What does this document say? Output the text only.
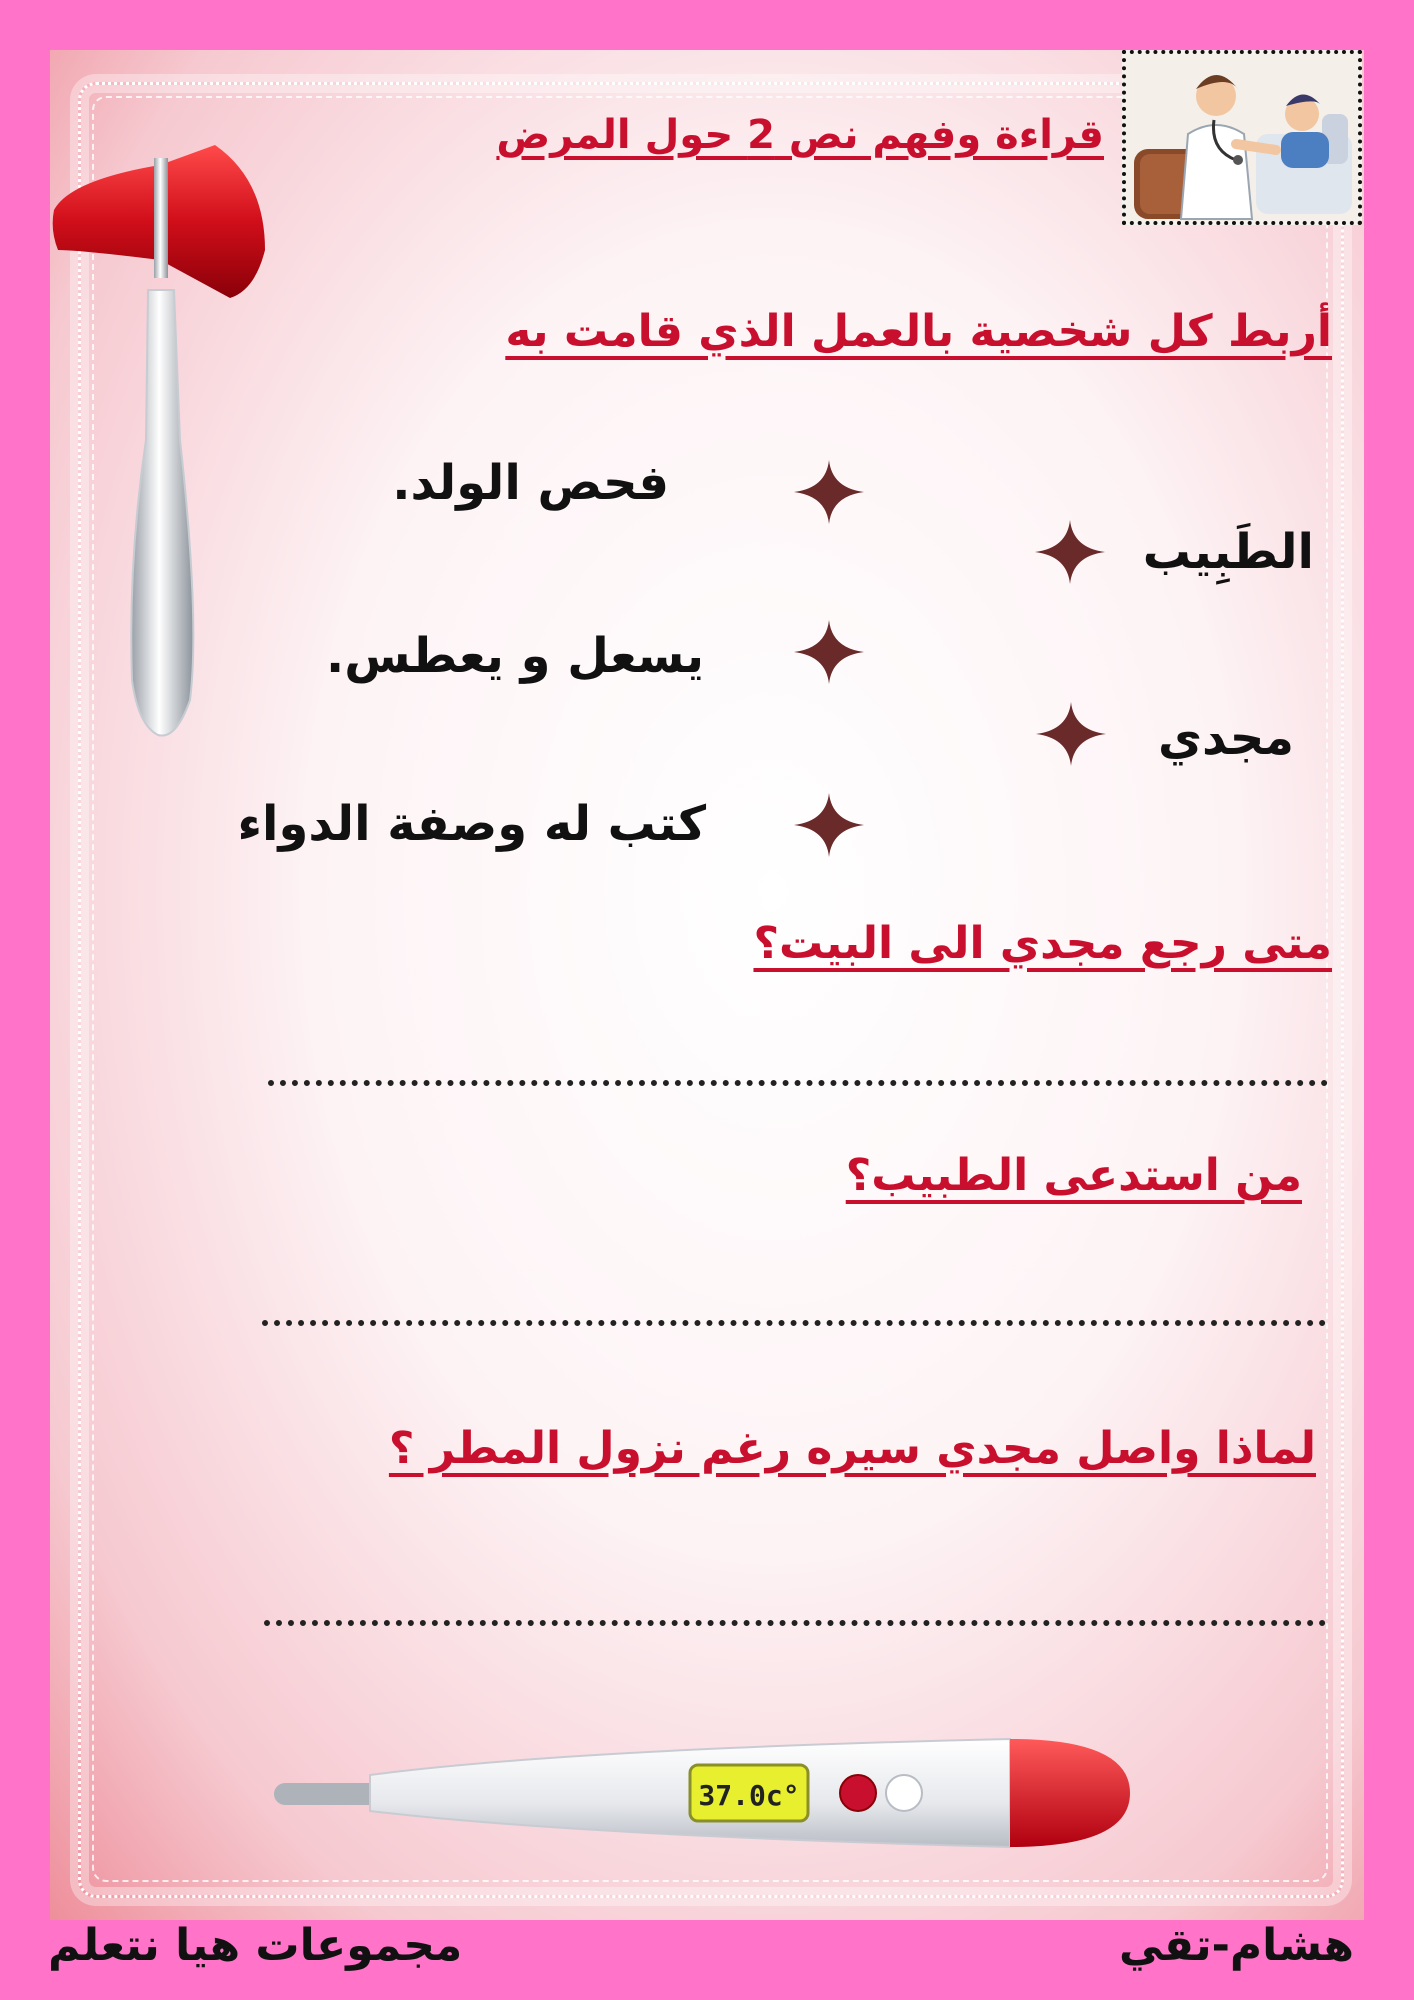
قراءة وفهم نص 2 حول المرض
أربط كل شخصية بالعمل الذي قامت به
فحص الولد.
يسعل و يعطس.
كتب له وصفة الدواء
الطَبِيب
مجدي
متى رجع مجدي الى البيت؟
من استدعى الطبيب؟
لماذا واصل مجدي سيره رغم نزول المطر ؟
37.0c°
مجموعات هيا نتعلم	هشام-تقي
